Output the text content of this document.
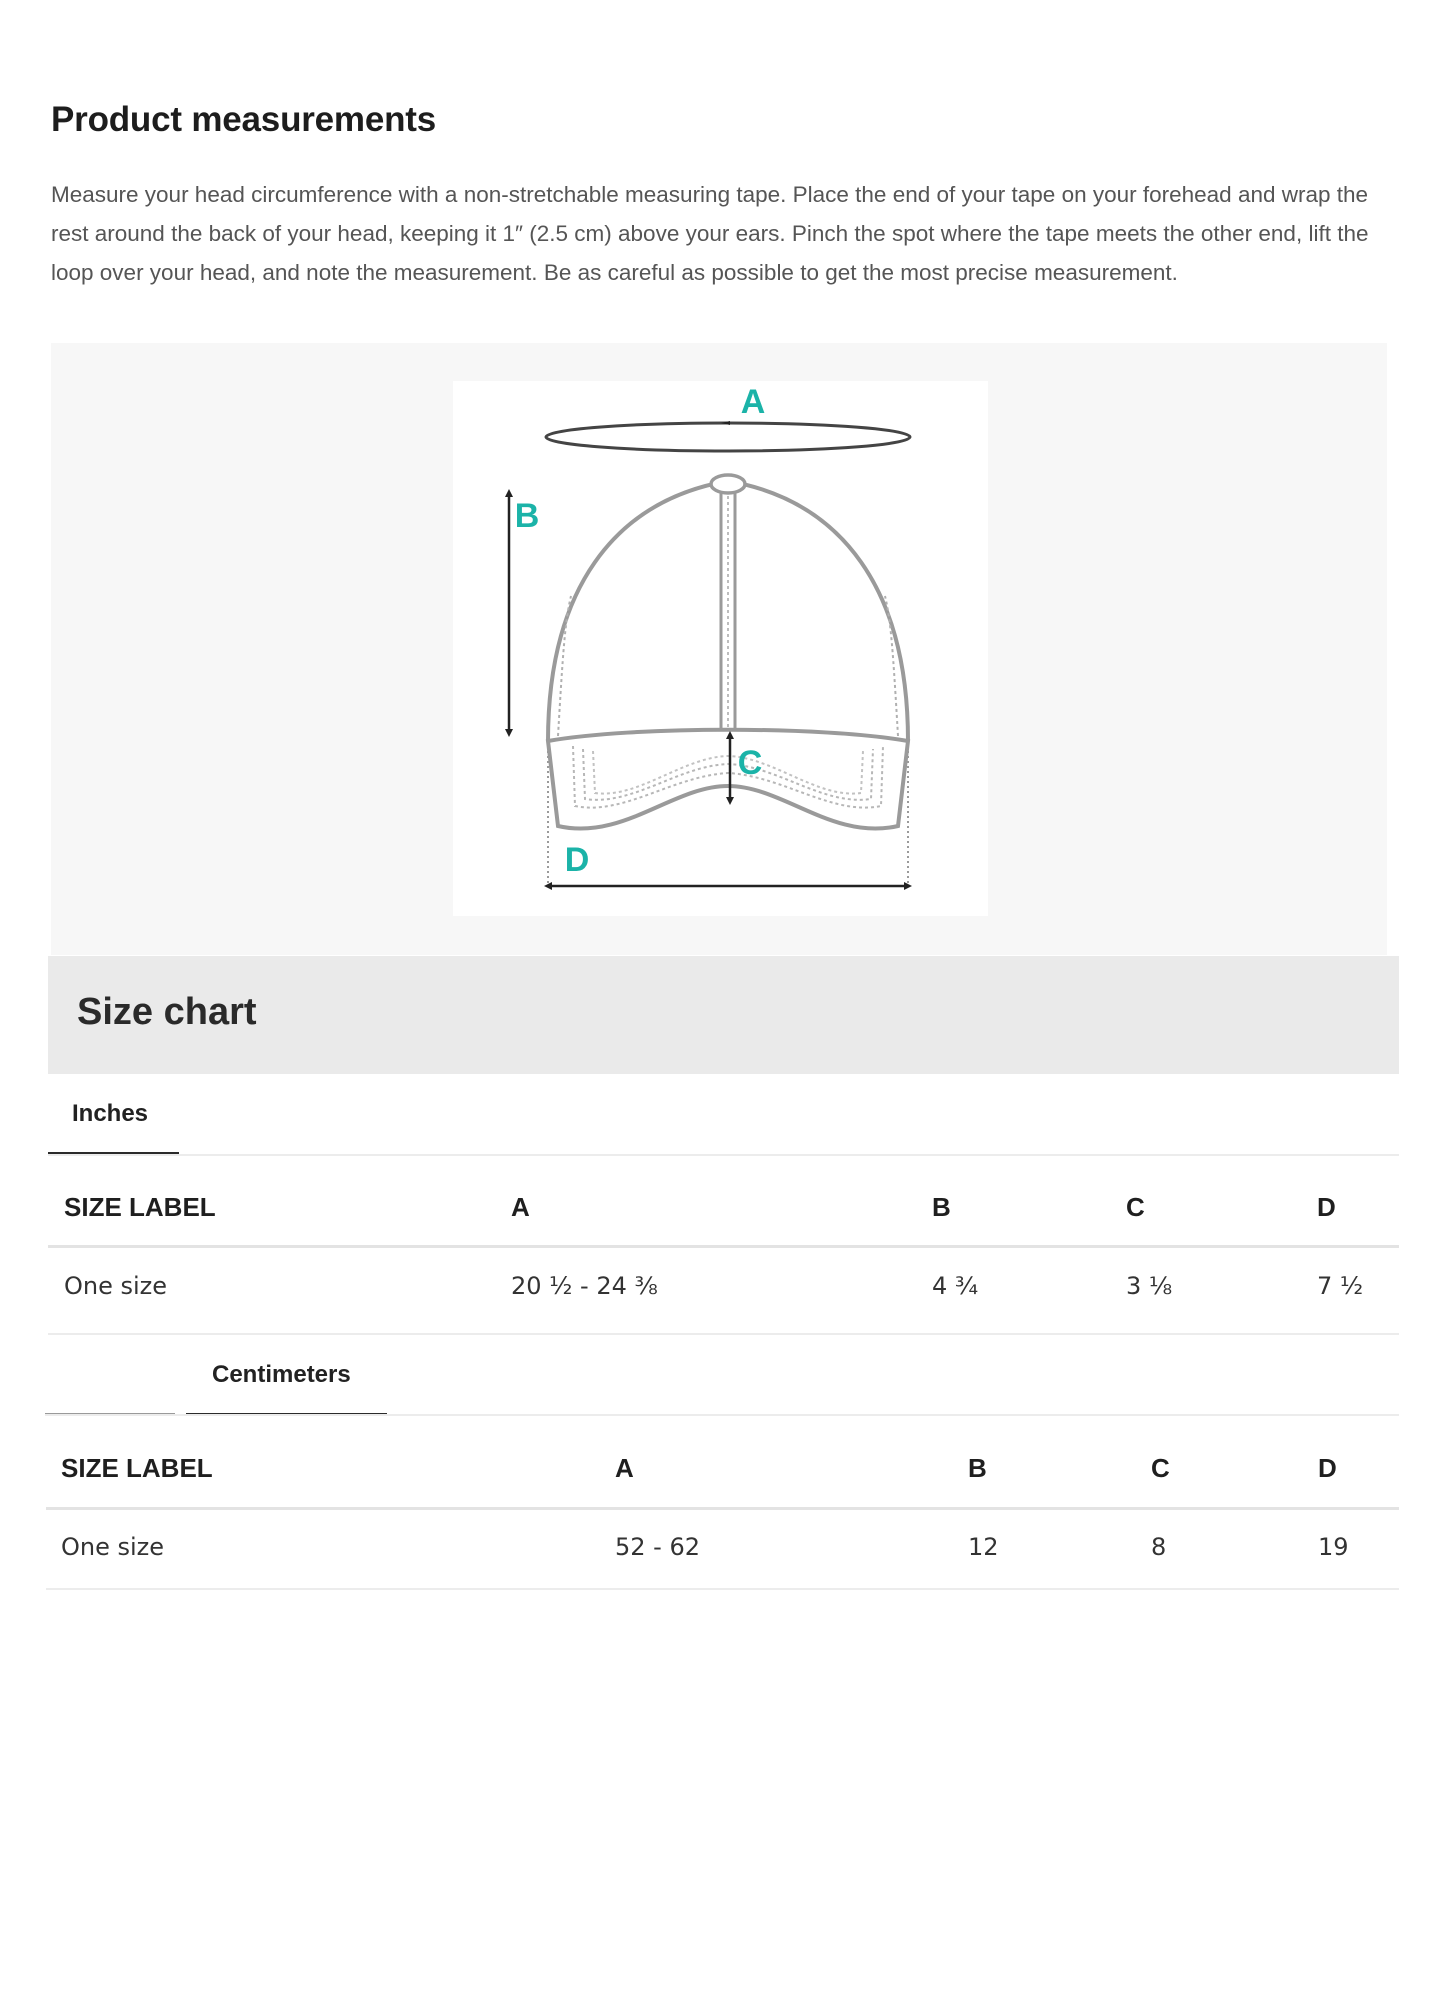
Product measurements

Measure your head circumference with a non-stretchable measuring tape. Place the end of your tape on your forehead and wrap the rest around the back of your head, keeping it 1″ (2.5 cm) above your ears. Pinch the spot where the tape meets the other end, lift the loop over your head, and note the measurement. Be as careful as possible to get the most precise measurement.

A
B
C
D
Size chart
Inches
SIZE LABEL	A	B	C	D
One size	20 ½ - 24 ⅜	4 ¾	3 ⅛	7 ½
Centimeters
SIZE LABEL	A	B	C	D
One size	52 - 62	12	8	19
